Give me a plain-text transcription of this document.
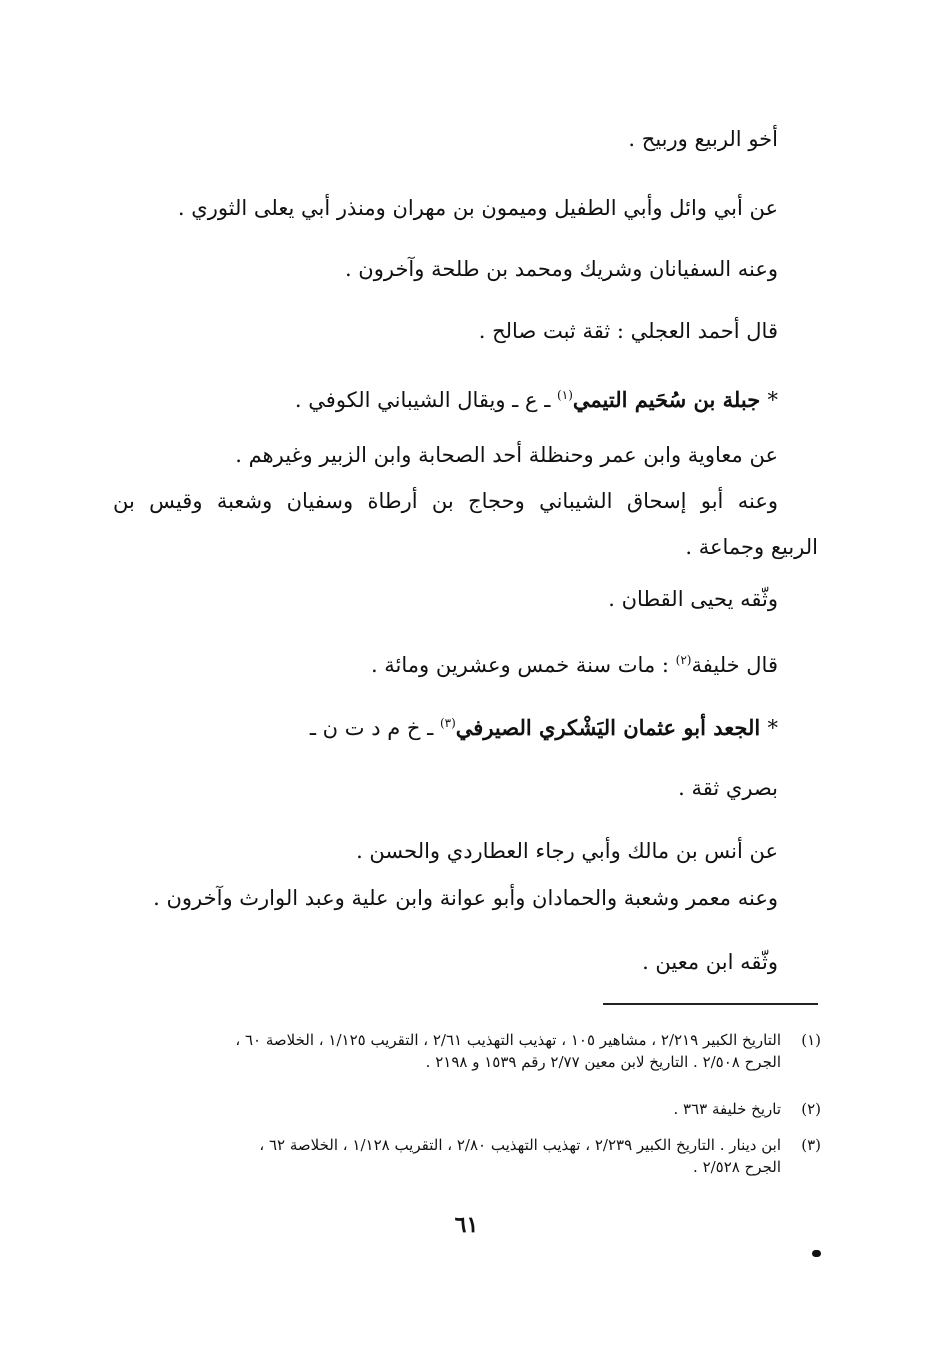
أخو الربيع وربيح .
عن أبي وائل وأبي الطفيل وميمون بن مهران ومنذر أبي يعلى الثوري .
وعنه السفيانان وشريك ومحمد بن طلحة وآخرون .
قال أحمد العجلي : ثقة ثبت صالح .
* جبلة بن سُحَيم التيمي$^{(١)}$ ـ ع ـ ويقال الشيباني الكوفي .
عن معاوية وابن عمر وحنظلة أحد الصحابة وابن الزبير وغيرهم .
وعنه أبو إسحاق الشيباني وحجاج بن أرطاة وسفيان وشعبة وقيس بن
الربيع وجماعة .
وثّقه يحيى القطان .
قال خليفة$^{(٢)}$ : مات سنة خمس وعشرين ومائة .
* الجعد أبو عثمان اليَشْكري الصيرفي$^{(٣)}$ ـ خ م د ت ن ـ
بصري ثقة .
عن أنس بن مالك وأبي رجاء العطاردي والحسن .
وعنه معمر وشعبة والحمادان وأبو عوانة وابن علية وعبد الوارث وآخرون .
وثّقه ابن معين .
(١)
التاريخ الكبير ٢/٢١٩ ، مشاهير ١٠٥ ، تهذيب التهذيب ٢/٦١ ، التقريب ١/١٢٥ ، الخلاصة ٦٠ ،
الجرح ٢/٥٠٨ . التاريخ لابن معين ٢/٧٧ رقم ١٥٣٩ و ٢١٩٨ .
(٢)
تاريخ خليفة ٣٦٣ .
(٣)
ابن دينار . التاريخ الكبير ٢/٢٣٩ ، تهذيب التهذيب ٢/٨٠ ، التقريب ١/١٢٨ ، الخلاصة ٦٢ ،
الجرح ٢/٥٢٨ .
٦١
